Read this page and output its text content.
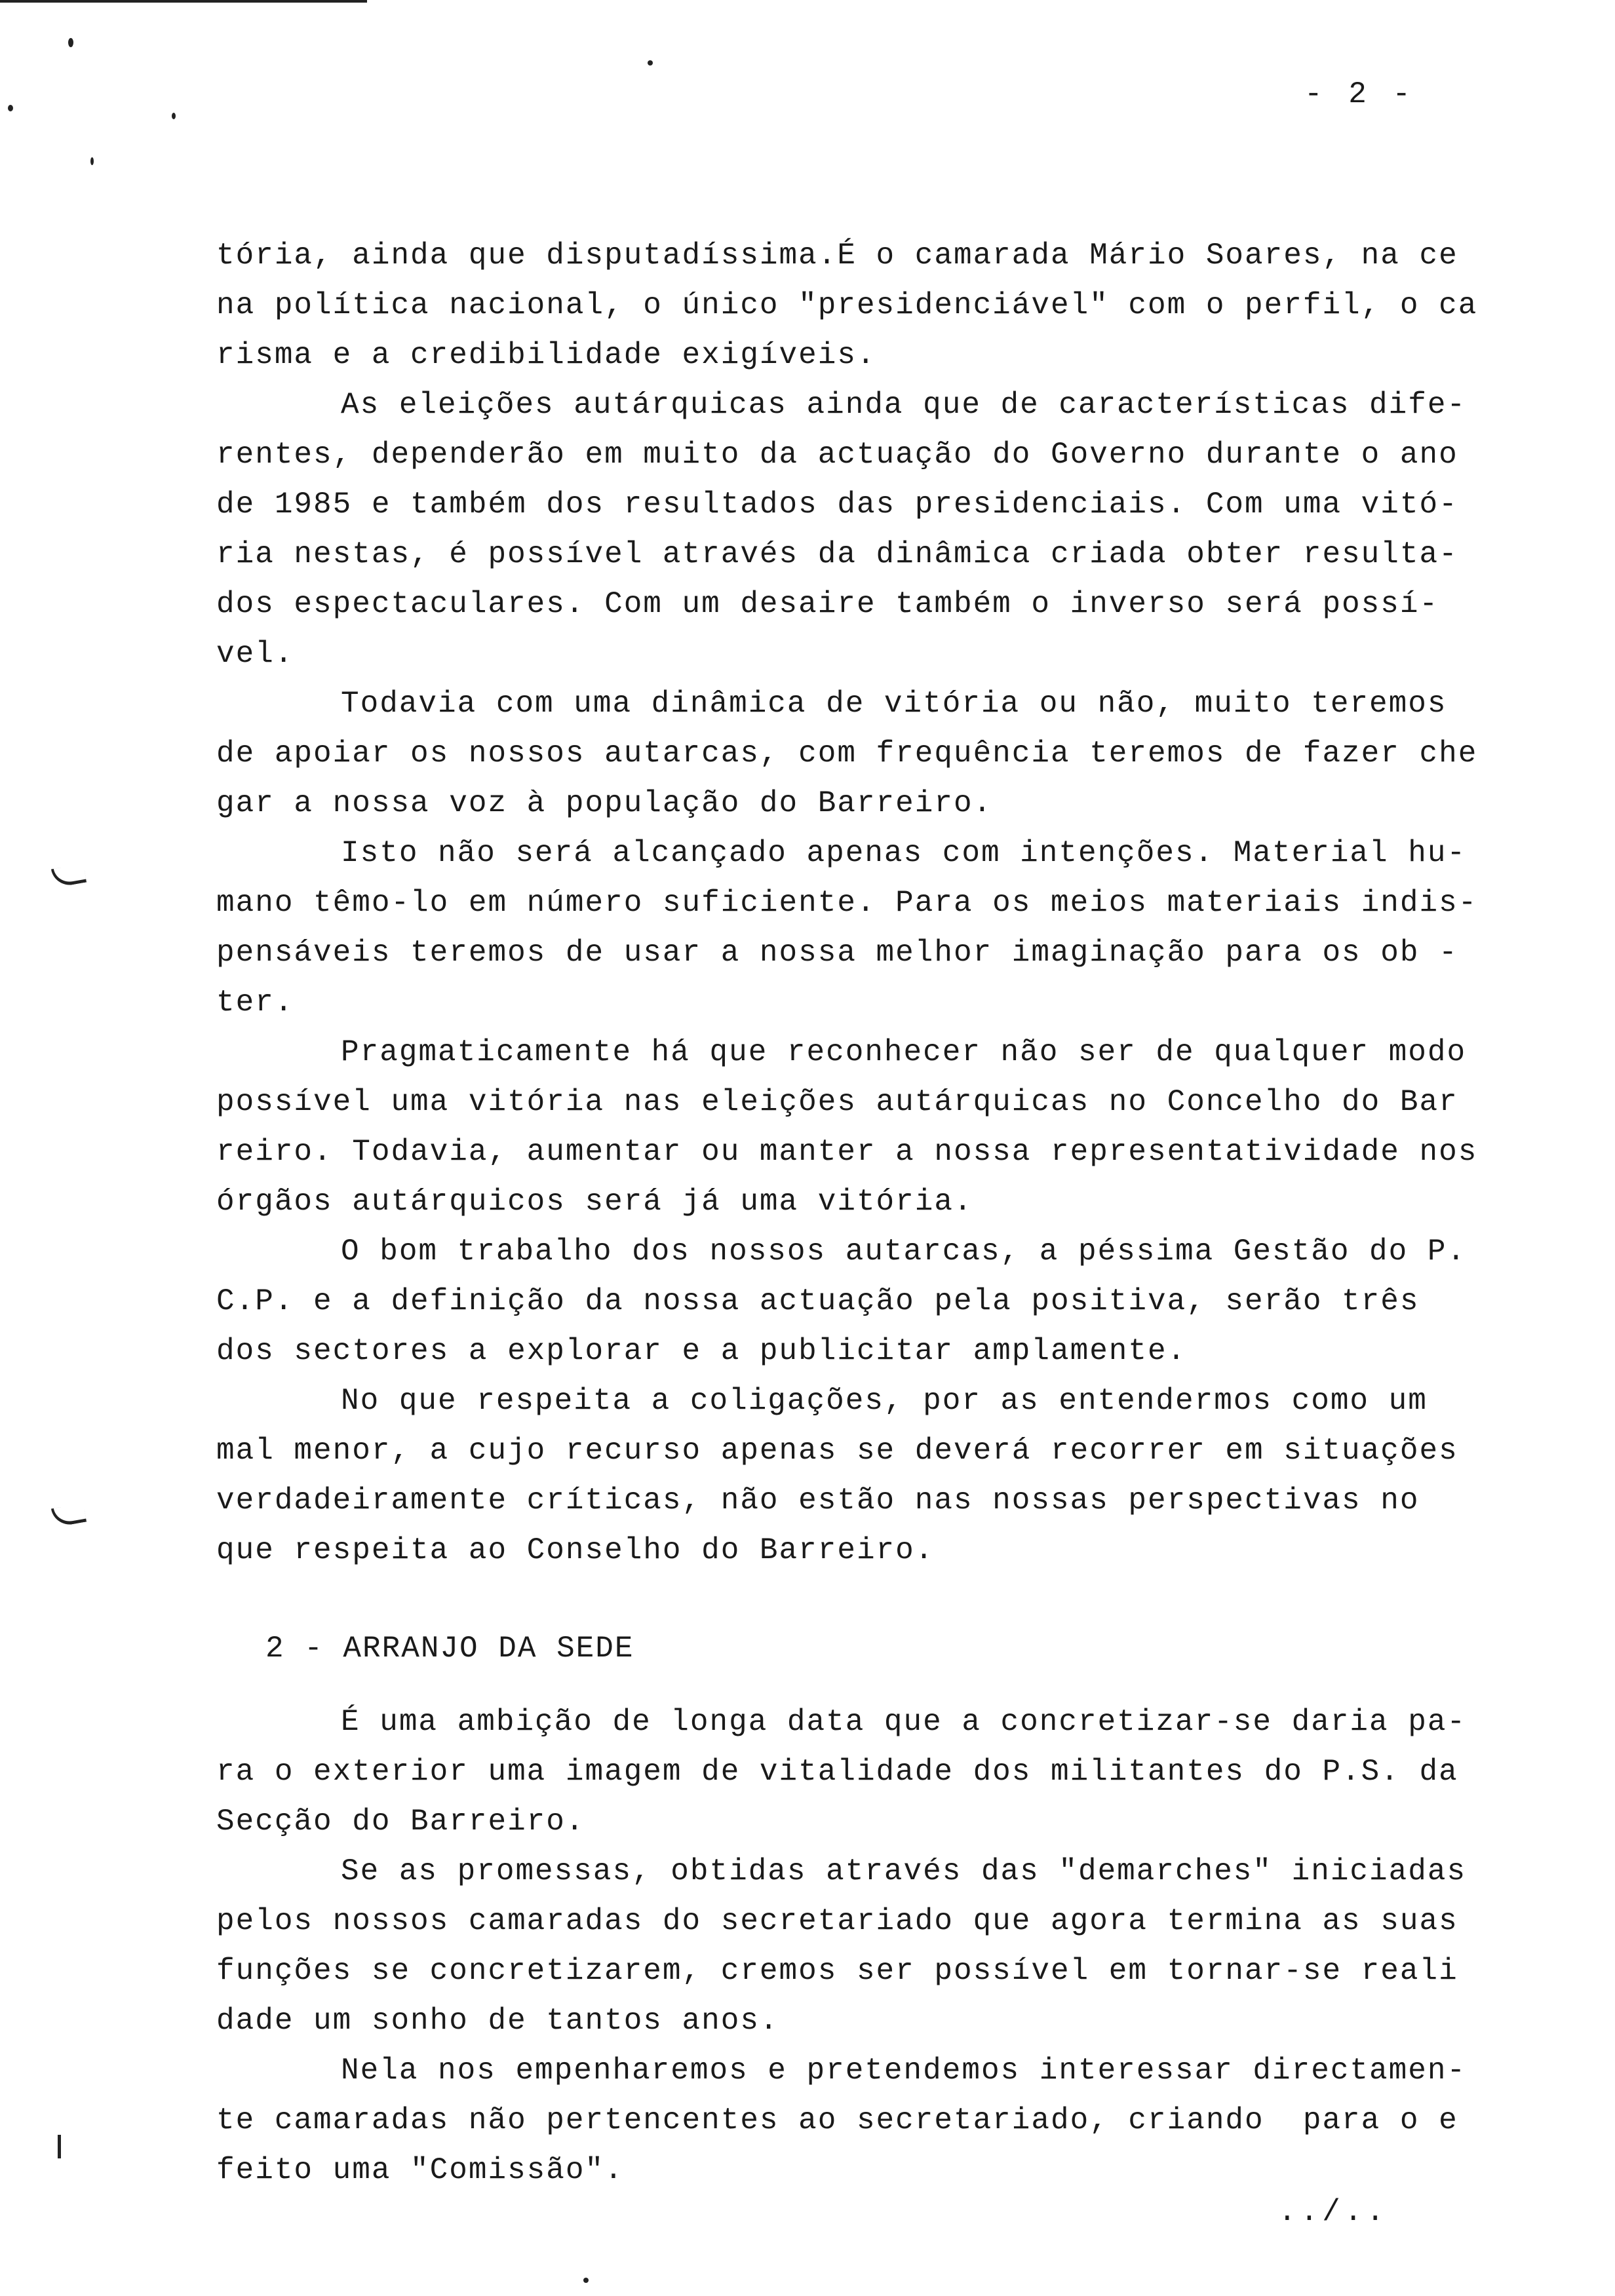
- 2 -

tória, ainda que disputadíssima.É o camarada Mário Soares, na ce
na política nacional, o único "presidenciável" com o perfil, o ca
risma e a credibilidade exigíveis.

As eleições autárquicas ainda que de características dife-
rentes, dependerão em muito da actuação do Governo durante o ano
de 1985 e também dos resultados das presidenciais. Com uma vitó-
ria nestas, é possível através da dinâmica criada obter resulta-
dos espectaculares. Com um desaire também o inverso será possí-
vel.

Todavia com uma dinâmica de vitória ou não, muito teremos
de apoiar os nossos autarcas, com frequência teremos de fazer che
gar a nossa voz à população do Barreiro.

Isto não será alcançado apenas com intenções. Material hu-
mano têmo-lo em número suficiente. Para os meios materiais indis-
pensáveis teremos de usar a nossa melhor imaginação para os ob -
ter.

Pragmaticamente há que reconhecer não ser de qualquer modo
possível uma vitória nas eleições autárquicas no Concelho do Bar
reiro. Todavia, aumentar ou manter a nossa representatividade nos
órgãos autárquicos será já uma vitória.

O bom trabalho dos nossos autarcas, a péssima Gestão do P.
C.P. e a definição da nossa actuação pela positiva, serão três
dos sectores a explorar e a publicitar amplamente.

No que respeita a coligações, por as entendermos como um
mal menor, a cujo recurso apenas se deverá recorrer em situações
verdadeiramente críticas, não estão nas nossas perspectivas no
que respeita ao Conselho do Barreiro.

2 - ARRANJO DA SEDE

É uma ambição de longa data que a concretizar-se daria pa-
ra o exterior uma imagem de vitalidade dos militantes do P.S. da
Secção do Barreiro.

Se as promessas, obtidas através das "demarches" iniciadas
pelos nossos camaradas do secretariado que agora termina as suas
funções se concretizarem, cremos ser possível em tornar-se reali
dade um sonho de tantos anos.

Nela nos empenharemos e pretendemos interessar directamen-
te camaradas não pertencentes ao secretariado, criando  para o e
feito uma "Comissão".

../..
